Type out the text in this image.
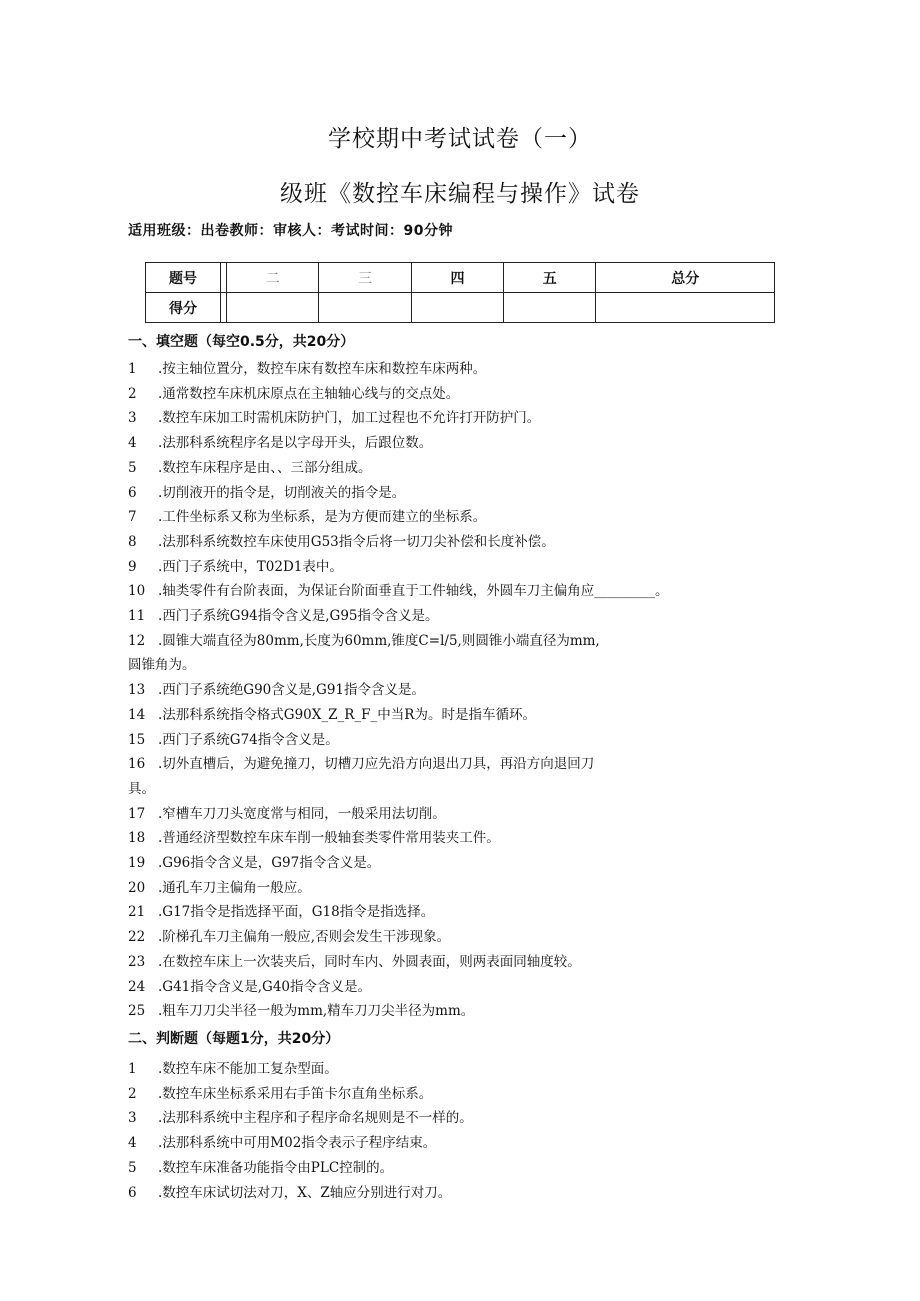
学校期中考试试卷（一）
级班《数控车床编程与操作》试卷
适用班级：出卷教师：审核人：考试时间：90分钟
题号		二	三	四	五	总分
得分						
一、填空题（每空0.5分，共20分）
1 .按主轴位置分，数控车床有数控车床和数控车床两种。
2 .通常数控车床机床原点在主轴轴心线与的交点处。
3 .数控车床加工时需机床防护门，加工过程也不允许打开防护门。
4 .法那科系统程序名是以字母开头，后跟位数。
5 .数控车床程序是由、、三部分组成。
6 .切削液开的指令是，切削液关的指令是。
7 .工件坐标系又称为坐标系，是为方便而建立的坐标系。
8 .法那科系统数控车床使用G53指令后将一切刀尖补偿和长度补偿。
9 .西门子系统中，T02D1表中。
10 .轴类零件有台阶表面，为保证台阶面垂直于工件轴线，外圆车刀主偏角应_________。
11 .西门子系统G94指令含义是,G95指令含义是。
12 .圆锥大端直径为80mm,长度为60mm,锥度C=l/5,则圆锥小端直径为mm,
圆锥角为。
13 .西门子系统绝G90含义是,G91指令含义是。
14 .法那科系统指令格式G90X_Z_R_F_中当R为。时是指车循环。
15 .西门子系统G74指令含义是。
16 .切外直槽后，为避免撞刀，切槽刀应先沿方向退出刀具，再沿方向退回刀
具。
17 .窄槽车刀刀头宽度常与相同，一般采用法切削。
18 .普通经济型数控车床车削一般轴套类零件常用装夹工件。
19 .G96指令含义是，G97指令含义是。
20 .通孔车刀主偏角一般应。
21 .G17指令是指选择平面，G18指令是指选择。
22 .阶梯孔车刀主偏角一般应,否则会发生干涉现象。
23 .在数控车床上一次装夹后，同时车内、外圆表面，则两表面同轴度较。
24 .G41指令含义是,G40指令含义是。
25 .粗车刀刀尖半径一般为mm,精车刀刀尖半径为mm。
二、判断题（每题1分，共20分）
1 .数控车床不能加工复杂型面。
2 .数控车床坐标系采用右手笛卡尔直角坐标系。
3 .法那科系统中主程序和子程序命名规则是不一样的。
4 .法那科系统中可用M02指令表示子程序结束。
5 .数控车床准备功能指令由PLC控制的。
6 .数控车床试切法对刀，X、Z轴应分别进行对刀。
